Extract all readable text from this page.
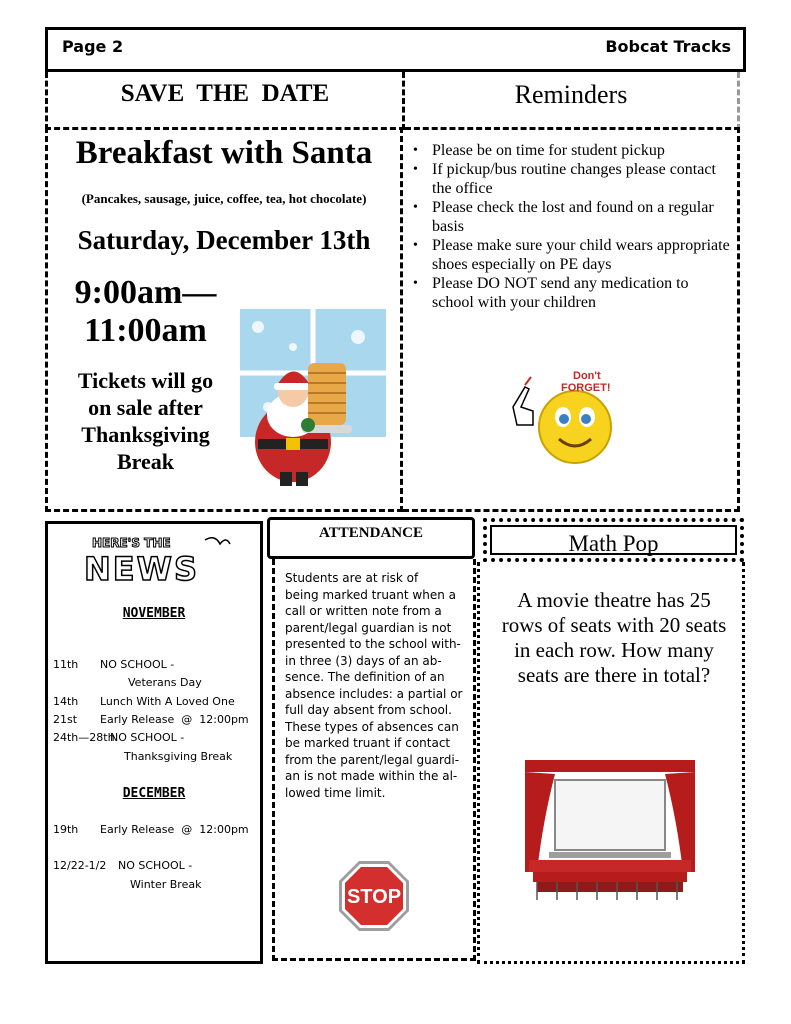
Page 2	Bobcat Tracks
SAVE  THE  DATE	Reminders
Breakfast with Santa
(Pancakes, sausage, juice, coffee, tea, hot chocolate)
Saturday, December 13th
9:00am—
11:00am
Tickets will go
on sale after
Thanksgiving
Break
• Please be on time for student pickup
• If pickup/bus routine changes please contact the office
• Please check the lost and found on a regular basis
• Please make sure your child wears appropriate shoes especially on PE days
• Please DO NOT send any medication to school with your children
Don't
FORGET!
HERE'S THE
NEWS
NOVEMBER
11th NO SCHOOL -
Veterans Day
14th Lunch With A Loved One
21st Early Release  @  12:00pm
24th—28th
NO SCHOOL -
Thanksgiving Break
DECEMBER
19th Early Release  @  12:00pm
12/22-1/2 NO SCHOOL -
Winter Break
ATTENDANCE
Students are at risk of
being marked truant when a
call or written note from a
parent/legal guardian is not
presented to the school with-
in three (3) days of an ab-
sence. The definition of an
absence includes: a partial or
full day absent from school.
These types of absences can
be marked truant if contact
from the parent/legal guardi-
an is not made within the al-
lowed time limit.
STOP
Math Pop
A movie theatre has 25
rows of seats with 20 seats
in each row. How many
seats are there in total?
